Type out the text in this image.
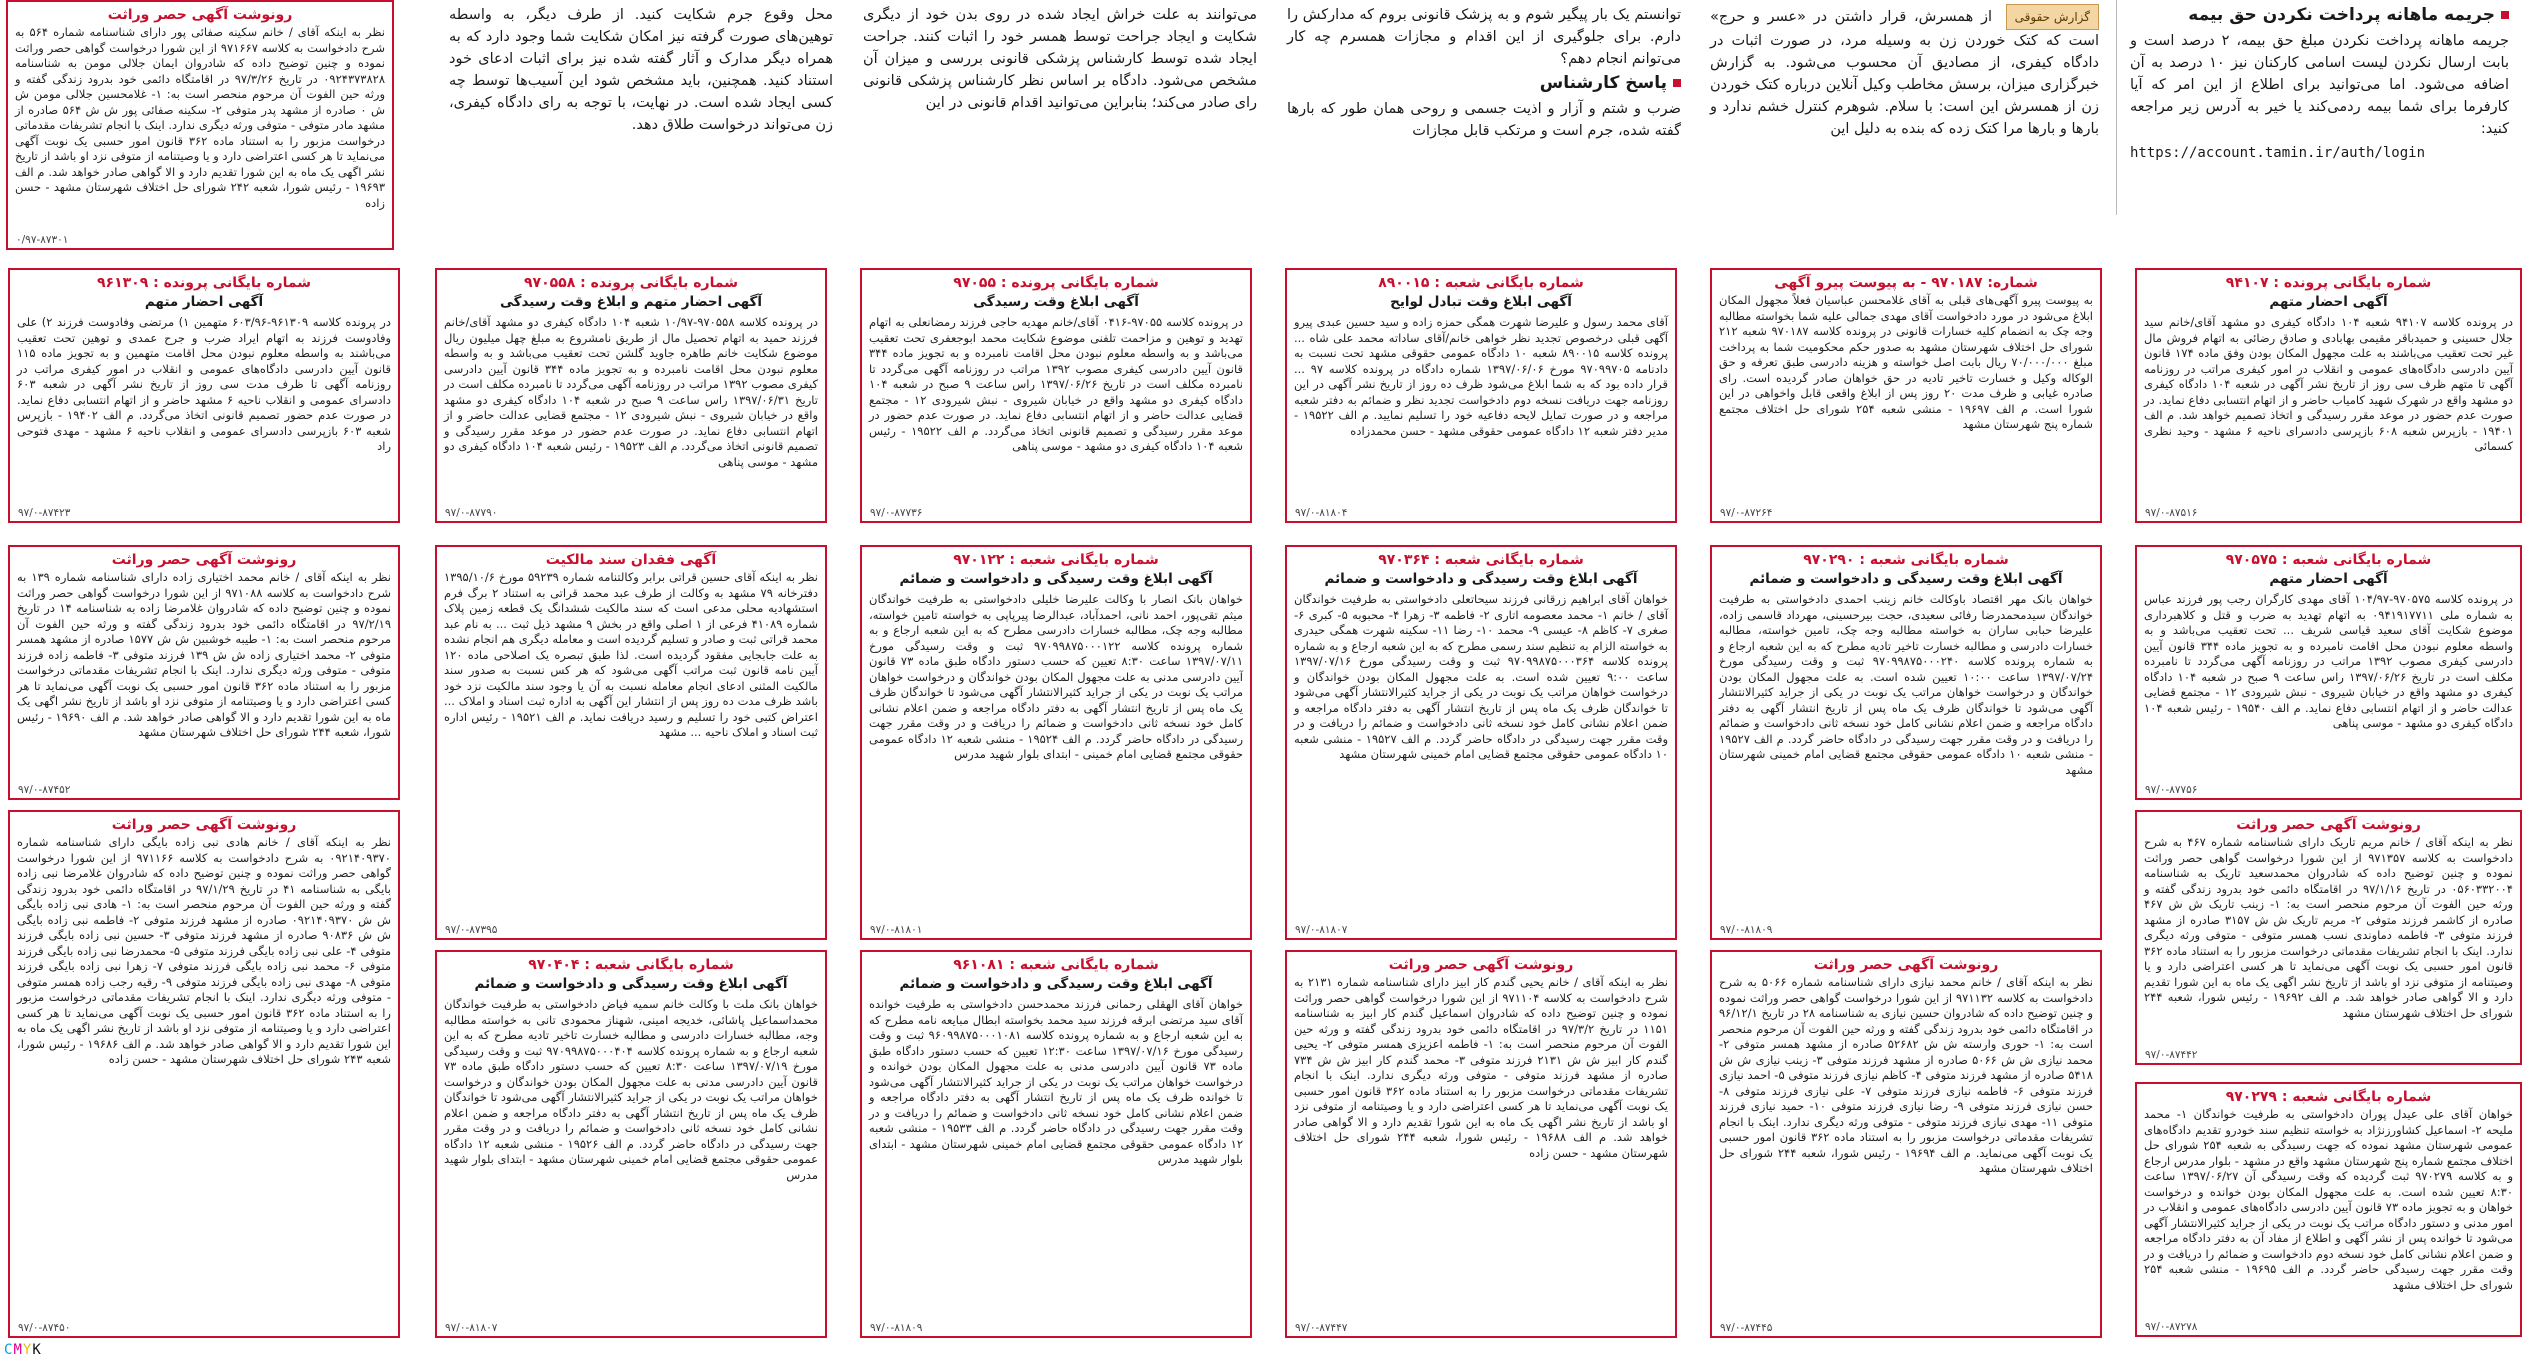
جریمه ماهانه پرداخت نکردن حق بیمه

جریمه ماهانه پرداخت نکردن مبلغ حق بیمه، ۲ درصد است و بابت ارسال نکردن لیست اسامی کارکنان نیز ۱۰ درصد به آن اضافه می‌شود. اما می‌توانید برای اطلاع از این امر که آیا کارفرما برای شما بیمه ردمی‌کند یا خیر به آدرس زیر مراجعه کنید:

https://account.tamin.ir/auth/login
گزارش حقوقی از همسرش، قرار داشتن در «عسر و حرج» است که کتک خوردن زن به وسیله مرد، در صورت اثبات در دادگاه کیفری، از مصادیق آن محسوب می‌شود. به گزارش خبرگزاری میزان، برسش مخاطب وکیل آنلاین درباره کتک خوردن زن از همسرش این است: با سلام. شوهرم کنترل خشم ندارد و بارها و بارها مرا کتک زده که بنده به دلیل این

توانستم یک بار پیگیر شوم و به پزشک قانونی بروم که مدارکش را دارم. برای جلوگیری از این اقدام و مجازات همسرم چه کار می‌توانم انجام دهم؟

پاسخ کارشناس

ضرب و شتم و آزار و اذیت جسمی و روحی همان طور که بارها گفته شده، جرم است و مرتکب قابل مجازات

می‌توانند به علت خراش ایجاد شده در روی بدن خود از دیگری شکایت و ایجاد جراحت توسط همسر خود را اثبات کنند. جراحت ایجاد شده توسط کارشناس پزشکی قانونی بررسی و میزان آن مشخص می‌شود. دادگاه بر اساس نظر کارشناس پزشکی قانونی رای صادر می‌کند؛ بنابراین می‌توانید اقدام قانونی در این

محل وقوع جرم شکایت کنید. از طرف دیگر، به واسطه توهین‌های صورت گرفته نیز امکان شکایت شما وجود دارد که به همراه دیگر مدارک و آثار گفته شده نیز برای اثبات ادعای خود استناد کنید. همچنین، باید مشخص شود این آسیب‌ها توسط چه کسی ایجاد شده است. در نهایت، با توجه به رای دادگاه کیفری، زن می‌تواند درخواست طلاق دهد.

رونوشت آگهی حصر وراثت
نظر به اینکه آقای / خانم سکینه صفائی پور دارای شناسنامه شماره ۵۶۴ به شرح دادخواست به کلاسه ۹۷۱۶۶۷ از این شورا درخواست گواهی حصر وراثت نموده و چنین توضیح داده که شادروان ایمان جلالی مومن به شناسنامه ۰۹۲۴۳۷۳۸۲۸ در تاریخ ۹۷/۳/۲۶ در اقامتگاه دائمی خود بدرود زندگی گفته و ورثه حین الفوت آن مرحوم منحصر است به: ۱- غلامحسین جلالی مومن ش ش ۰ صادره از مشهد پدر متوفی ۲- سکینه صفائی پور ش ش ۵۶۴ صادره از مشهد مادر متوفی - متوفی ورثه دیگری ندارد. اینک با انجام تشریفات مقدماتی درخواست مزبور را به استناد ماده ۳۶۲ قانون امور حسبی یک نوبت آگهی می‌نماید تا هر کسی اعتراضی دارد و یا وصیتنامه از متوفی نزد او باشد از تاریخ نشر اگهی یک ماه به این شورا تقدیم دارد و الا گواهی صادر خواهد شد. م الف ۱۹۶۹۳ - رئیس شورا، شعبه ۲۴۲ شورای حل اختلاف شهرستان مشهد - حسن زاده
۰/۹۷-۸۷۳۰۱
شماره بایگانی پرونده : ۹۴۱۰۷
آگهی احضار متهم
در پرونده کلاسه ۹۴۱۰۷ شعبه ۱۰۴ دادگاه کیفری دو مشهد آقای/خانم سید جلال حسینی و حمیدباقر مقیمی بهابادی و صادق رضائی به اتهام فروش مال غیر تحت تعقیب می‌باشند به علت مجهول المکان بودن وفق ماده ۱۷۴ قانون آیین دادرسی دادگاه‌های عمومی و انقلاب در امور کیفری مراتب در روزنامه آگهی تا متهم ظرف سی روز از تاریخ نشر آگهی در شعبه ۱۰۴ دادگاه کیفری دو مشهد واقع در شهرک شهید کامیاب حاضر و از اتهام انتسابی دفاع نماید. در صورت عدم حضور در موعد مقرر رسیدگی و اتخاذ تصمیم خواهد شد. م الف ۱۹۴۰۱ - بازپرس شعبه ۶۰۸ بازپرسی دادسرای ناحیه ۶ مشهد - وحید نظری کسمائی
۹۷/۰-۸۷۵۱۶
شماره بایگانی شعبه : ۹۷۰۵۷۵
آگهی احضار متهم
در پرونده کلاسه ۹۷۰۵۷۵-۱۰۴/۹۷ آقای مهدی کارگران رجب پور فرزند عباس به شماره ملی ۰۹۴۱۹۱۷۷۱۱ به اتهام تهدید به ضرب و قتل و کلاهبرداری موضوع شکایت آقای سعید قیاسی شریف ... تحت تعقیب می‌باشد و به واسطه معلوم نبودن محل اقامت نامبرده و به تجویز ماده ۳۴۴ قانون آیین دادرسی کیفری مصوب ۱۳۹۲ مراتب در روزنامه آگهی می‌گردد تا نامبرده مکلف است در تاریخ ۱۳۹۷/۰۶/۲۶ راس ساعت ۹ صبح در شعبه ۱۰۴ دادگاه کیفری دو مشهد واقع در خیابان شیروی - نبش شیرودی ۱۲ - مجتمع قضایی عدالت حاضر و از اتهام انتسابی دفاع نماید. م الف ۱۹۵۴۰ - رئیس شعبه ۱۰۴ دادگاه کیفری دو مشهد - موسی پناهی
۹۷/۰-۸۷۷۵۶
رونوشت آگهی حصر وراثت
نظر به اینکه آقای / خانم مریم تاریک دارای شناسنامه شماره ۴۶۷ به شرح دادخواست به کلاسه ۹۷۱۳۵۷ از این شورا درخواست گواهی حصر وراثت نموده و چنین توضیح داده که شادروان محمدسعید تاریک به شناسنامه ۰۵۶۰۳۳۲۰۰۴ در تاریخ ۹۷/۱/۱۶ در اقامتگاه دائمی خود بدرود زندگی گفته و ورثه حین الفوت آن مرحوم منحصر است به: ۱- زینب تاریک ش ش ۴۶۷ صادره از کاشمر فرزند متوفی ۲- مریم تاریک ش ش ۳۱۵۷ صادره از مشهد فرزند متوفی ۳- فاطمه دماوندی نسب همسر متوفی - متوفی ورثه دیگری ندارد. اینک با انجام تشریفات مقدماتی درخواست مزبور را به استناد ماده ۳۶۲ قانون امور حسبی یک نوبت آگهی می‌نماید تا هر کسی اعتراضی دارد و یا وصیتنامه از متوفی نزد او باشد از تاریخ نشر اگهی یک ماه به این شورا تقدیم دارد و الا گواهی صادر خواهد شد. م الف ۱۹۶۹۲ - رئیس شورا، شعبه ۲۴۴ شورای حل اختلاف شهرستان مشهد
۹۷/۰-۸۷۴۴۲
شماره بایگانی شعبه : ۹۷۰۲۷۹
خواهان آقای علی عیدل پوران دادخواستی به طرفیت خواندگان ۱- محمد ملیحه ۲- اسماعیل کشاورزنژاد به خواسته تنظیم سند خودرو تقدیم دادگاه‌های عمومی شهرستان مشهد نموده که جهت رسیدگی به شعبه ۲۵۴ شورای حل اختلاف مجتمع شماره پنج شهرستان مشهد واقع در مشهد - بلوار مدرس ارجاع و به کلاسه ۹۷۰۲۷۹ ثبت گردیده که وقت رسیدگی آن ۱۳۹۷/۰۶/۲۷ ساعت ۸:۳۰ تعیین شده است. به علت مجهول المکان بودن خوانده و درخواست خواهان و به تجویز ماده ۷۳ قانون آیین دادرسی دادگاه‌های عمومی و انقلاب در امور مدنی و دستور دادگاه مراتب یک نوبت در یکی از جراید کثیرالانتشار آگهی می‌شود تا خوانده پس از نشر آگهی و اطلاع از مفاد آن به دفتر دادگاه مراجعه و ضمن اعلام نشانی کامل خود نسخه دوم دادخواست و ضمائم را دریافت و در وقت مقرر جهت رسیدگی حاضر گردد. م الف ۱۹۶۹۵ - منشی شعبه ۲۵۴ شورای حل اختلاف مشهد
۹۷/۰-۸۷۲۷۸
شماره: ۹۷۰۱۸۷ - به پیوست پیرو آگهی
به پیوست پیرو آگهی‌های قبلی به آقای غلامحسن عباسیان فعلاً مجهول المکان ابلاغ می‌شود در مورد دادخواست آقای مهدی جمالی علیه شما بخواسته مطالبه وجه چک به انضمام کلیه خسارات قانونی در پرونده کلاسه ۹۷۰۱۸۷ شعبه ۲۱۲ شورای حل اختلاف شهرستان مشهد به صدور حکم محکومیت شما به پرداخت مبلغ ۷۰/۰۰۰/۰۰۰ ریال بابت اصل خواسته و هزینه دادرسی طبق تعرفه و حق الوکاله وکیل و خسارت تاخیر تادیه در حق خواهان صادر گردیده است. رای صادره غیابی و ظرف مدت ۲۰ روز پس از ابلاغ واقعی قابل واخواهی در این شورا است. م الف ۱۹۶۹۷ - منشی شعبه ۲۵۴ شورای حل اختلاف مجتمع شماره پنج شهرستان مشهد
۹۷/۰-۸۷۲۶۴
شماره بایگانی شعبه : ۹۷۰۲۹۰
آگهی ابلاغ وقت رسیدگی و دادخواست و ضمائم
خواهان بانک مهر اقتصاد باوکالت خانم زینب احمدی دادخواستی به طرفیت خواندگان سیدمحمدرضا رفائی سعیدی، حجت بیرحسینی، مهرداد قاسمی زاده، علیرضا حبابی ساران به خواسته مطالبه وجه چک، تامین خواسته، مطالبه خسارات دادرسی و مطالبه خسارت تاخیر تادیه مطرح که به این شعبه ارجاع و به شماره پرونده کلاسه ۹۷۰۹۹۸۷۵۰۰۰۲۴۰ ثبت و وقت رسیدگی مورخ ۱۳۹۷/۰۷/۲۴ ساعت ۱۰:۰۰ تعیین شده است. به علت مجهول المکان بودن خواندگان و درخواست خواهان مراتب یک نوبت در یکی از جراید کثیرالانتشار آگهی می‌شود تا خواندگان ظرف یک ماه پس از تاریخ انتشار آگهی به دفتر دادگاه مراجعه و ضمن اعلام نشانی کامل خود نسخه ثانی دادخواست و ضمائم را دریافت و در وقت مقرر جهت رسیدگی در دادگاه حاضر گردد. م الف ۱۹۵۲۷ - منشی شعبه ۱۰ دادگاه عمومی حقوقی مجتمع قضایی امام خمینی شهرستان مشهد
۹۷/۰-۸۱۸۰۹
رونوشت آگهی حصر وراثت
نظر به اینکه آقای / خانم محمد نیازی دارای شناسنامه شماره ۵۰۶۶ به شرح دادخواست به کلاسه ۹۷۱۱۳۲ از این شورا درخواست گواهی حصر وراثت نموده و چنین توضیح داده که شادروان حسین نیازی به شناسنامه ۲۸ در تاریخ ۹۶/۱۲/۱ در اقامتگاه دائمی خود بدرود زندگی گفته و ورثه حین الفوت آن مرحوم منحصر است به: ۱- حوری وارسته ش ش ۵۲۶۸۲ صادره از مشهد همسر متوفی ۲- محمد نیازی ش ش ۵۰۶۶ صادره از مشهد فرزند متوفی ۳- زینب نیازی ش ش ۵۴۱۸ صادره از مشهد فرزند متوفی ۴- کاظم نیازی فرزند متوفی ۵- احمد نیازی فرزند متوفی ۶- فاطمه نیازی فرزند متوفی ۷- علی نیازی فرزند متوفی ۸- حسن نیازی فرزند متوفی ۹- رضا نیازی فرزند متوفی ۱۰- حمید نیازی فرزند متوفی ۱۱- مهدی نیازی فرزند متوفی - متوفی ورثه دیگری ندارد. اینک با انجام تشریفات مقدماتی درخواست مزبور را به استناد ماده ۳۶۲ قانون امور حسبی یک نوبت آگهی می‌نماید. م الف ۱۹۶۹۴ - رئیس شورا، شعبه ۲۴۴ شورای حل اختلاف شهرستان مشهد
۹۷/۰-۸۷۴۴۵
شماره بایگانی شعبه : ۸۹۰۰۱۵
آگهی ابلاغ وقت تبادل لوایح
آقای محمد رسول و علیرضا شهرت همگی حمزه زاده و سید حسین عبدی پیرو آگهی قبلی درخصوص تجدید نظر خواهی خانم/آقای ساداته محمد علی شاه ... پرونده کلاسه ۸۹۰۰۱۵ شعبه ۱۰ دادگاه عمومی حقوقی مشهد تحت نسبت به دادنامه ۹۷۰۹۹۷۰۵ مورخ ۱۳۹۷/۰۶/۰۶ شماره دادگاه در پرونده کلاسه ۹۷ ... قرار داده بود که به شما ابلاغ می‌شود ظرف ده روز از تاریخ نشر آگهی در این روزنامه جهت دریافت نسخه دوم دادخواست تجدید نظر و ضمائم به دفتر شعبه مراجعه و در صورت تمایل لایحه دفاعیه خود را تسلیم نمایید. م الف ۱۹۵۲۲ - مدیر دفتر شعبه ۱۲ دادگاه عمومی حقوقی مشهد - حسن محمدزاده
۹۷/۰-۸۱۸۰۴
شماره بایگانی شعبه : ۹۷۰۳۶۴
آگهی ابلاغ وقت رسیدگی و دادخواست و ضمائم
خواهان آقای ابراهیم زرقانی فرزند سیحاتعلی دادخواستی به طرفیت خواندگان آقای / خانم ۱- محمد معصومه اتاری ۲- فاطمه ۳- زهرا ۴- محبوبه ۵- کبری ۶- صغری ۷- کاظم ۸- عیسی ۹- محمد ۱۰- رضا ۱۱- سکینه شهرت همگی حیدری به خواسته الزام به تنظیم سند رسمی مطرح که به این شعبه ارجاع و به شماره پرونده کلاسه ۹۷۰۹۹۸۷۵۰۰۰۳۶۴ ثبت و وقت رسیدگی مورخ ۱۳۹۷/۰۷/۱۶ ساعت ۹:۰۰ تعیین شده است. به علت مجهول المکان بودن خواندگان و درخواست خواهان مراتب یک نوبت در یکی از جراید کثیرالانتشار آگهی می‌شود تا خواندگان ظرف یک ماه پس از تاریخ انتشار آگهی به دفتر دادگاه مراجعه و ضمن اعلام نشانی کامل خود نسخه ثانی دادخواست و ضمائم را دریافت و در وقت مقرر جهت رسیدگی در دادگاه حاضر گردد. م الف ۱۹۵۲۷ - منشی شعبه ۱۰ دادگاه عمومی حقوقی مجتمع قضایی امام خمینی شهرستان مشهد
۹۷/۰-۸۱۸۰۷
رونوشت آگهی حصر وراثت
نظر به اینکه آقای / خانم یحیی گندم کار ابیز دارای شناسنامه شماره ۲۱۳۱ به شرح دادخواست به کلاسه ۹۷۱۱۰۴ از این شورا درخواست گواهی حصر وراثت نموده و چنین توضیح داده که شادروان اسماعیل گندم کار ابیز به شناسنامه ۱۱۵۱ در تاریخ ۹۷/۳/۲ در اقامتگاه دائمی خود بدرود زندگی گفته و ورثه حین الفوت آن مرحوم منحصر است به: ۱- فاطمه اعزیزی همسر متوفی ۲- یحیی گندم کار ابیز ش ش ۲۱۳۱ فرزند متوفی ۳- محمد گندم کار ابیز ش ش ۷۳۴ صادره از مشهد فرزند متوفی - متوفی ورثه دیگری ندارد. اینک با انجام تشریفات مقدماتی درخواست مزبور را به استناد ماده ۳۶۲ قانون امور حسبی یک نوبت آگهی می‌نماید تا هر کسی اعتراضی دارد و یا وصیتنامه از متوفی نزد او باشد از تاریخ نشر اگهی یک ماه به این شورا تقدیم دارد و الا گواهی صادر خواهد شد. م الف ۱۹۶۸۸ - رئیس شورا، شعبه ۲۴۴ شورای حل اختلاف شهرستان مشهد - حسن زاده
۹۷/۰-۸۷۴۴۷
شماره بایگانی پرونده : ۹۷۰۵۵
آگهی ابلاغ وقت رسیدگی
در پرونده کلاسه ۹۷۰۵۵-۰۴۱۶ آقای/خانم مهدیه حاجی فرزند رمضانعلی به اتهام تهدید و توهین و مزاحمت تلفنی موضوع شکایت محمد ابوجعفری تحت تعقیب می‌باشد و به واسطه معلوم نبودن محل اقامت نامبرده و به تجویز ماده ۳۴۴ قانون آیین دادرسی کیفری مصوب ۱۳۹۲ مراتب در روزنامه آگهی می‌گردد تا نامبرده مکلف است در تاریخ ۱۳۹۷/۰۶/۲۶ راس ساعت ۹ صبح در شعبه ۱۰۴ دادگاه کیفری دو مشهد واقع در خیابان شیروی - نبش شیرودی ۱۲ - مجتمع قضایی عدالت حاضر و از اتهام انتسابی دفاع نماید. در صورت عدم حضور در موعد مقرر رسیدگی و تصمیم قانونی اتخاذ می‌گردد. م الف ۱۹۵۲۲ - رئیس شعبه ۱۰۴ دادگاه کیفری دو مشهد - موسی پناهی
۹۷/۰-۸۷۷۳۶
شماره بایگانی شعبه : ۹۷۰۱۲۲
آگهی ابلاغ وقت رسیدگی و دادخواست و ضمائم
خواهان بانک انصار با وکالت علیرضا خلیلی دادخواستی به طرفیت خواندگان میثم تقی‌پور، احمد نانی، احمدآباد، عبدالرضا پیرپاپی به خواسته تامین خواسته، مطالبه وجه چک، مطالبه خسارات دادرسی مطرح که به این شعبه ارجاع و به شماره پرونده کلاسه ۹۷۰۹۹۸۷۵۰۰۰۱۲۲ ثبت و وقت رسیدگی مورخ ۱۳۹۷/۰۷/۱۱ ساعت ۸:۳۰ تعیین که حسب دستور دادگاه طبق ماده ۷۳ قانون آیین دادرسی مدنی به علت مجهول المکان بودن خواندگان و درخواست خواهان مراتب یک نوبت در یکی از جراید کثیرالانتشار آگهی می‌شود تا خواندگان ظرف یک ماه پس از تاریخ انتشار آگهی به دفتر دادگاه مراجعه و ضمن اعلام نشانی کامل خود نسخه ثانی دادخواست و ضمائم را دریافت و در وقت مقرر جهت رسیدگی در دادگاه حاضر گردد. م الف ۱۹۵۲۴ - منشی شعبه ۱۲ دادگاه عمومی حقوقی مجتمع قضایی امام خمینی - ابتدای بلوار شهید مدرس
۹۷/۰-۸۱۸۰۱
شماره بایگانی شعبه : ۹۶۱۰۸۱
آگهی ابلاغ وقت رسیدگی و دادخواست و ضمائم
خواهان آقای الهقلی رحمانی فرزند محمدحسن دادخواستی به طرفیت خوانده آقای سید مرتضی ابرقه فرزند سید محمد بخواسته ابطال مبایعه نامه مطرح که به این شعبه ارجاع و به شماره پرونده کلاسه ۹۶۰۹۹۸۷۵۰۰۰۱۰۸۱ ثبت و وقت رسیدگی مورخ ۱۳۹۷/۰۷/۱۶ ساعت ۱۲:۳۰ تعیین که حسب دستور دادگاه طبق ماده ۷۳ قانون آیین دادرسی مدنی به علت مجهول المکان بودن خوانده و درخواست خواهان مراتب یک نوبت در یکی از جراید کثیرالانتشار آگهی می‌شود تا خوانده ظرف یک ماه پس از تاریخ انتشار آگهی به دفتر دادگاه مراجعه و ضمن اعلام نشانی کامل خود نسخه ثانی دادخواست و ضمائم را دریافت و در وقت مقرر جهت رسیدگی در دادگاه حاضر گردد. م الف ۱۹۵۳۳ - منشی شعبه ۱۲ دادگاه عمومی حقوقی مجتمع قضایی امام خمینی شهرستان مشهد - ابتدای بلوار شهید مدرس
۹۷/۰-۸۱۸۰۹
شماره بایگانی پرونده : ۹۷۰۵۵۸
آگهی احضار متهم و ابلاغ وقت رسیدگی
در پرونده کلاسه ۹۷۰۵۵۸-۱۰/۹۷ شعبه ۱۰۴ دادگاه کیفری دو مشهد آقای/خانم فرزند حمید به اتهام تحصیل مال از طریق نامشروع به مبلغ چهل میلیون ریال موضوع شکایت خانم طاهره جاوید گلشن تحت تعقیب می‌باشد و به واسطه معلوم نبودن محل اقامت نامبرده و به تجویز ماده ۳۴۴ قانون آیین دادرسی کیفری مصوب ۱۳۹۲ مراتب در روزنامه آگهی می‌گردد تا نامبرده مکلف است در تاریخ ۱۳۹۷/۰۶/۳۱ راس ساعت ۹ صبح در شعبه ۱۰۴ دادگاه کیفری دو مشهد واقع در خیابان شیروی - نبش شیرودی ۱۲ - مجتمع قضایی عدالت حاضر و از اتهام انتسابی دفاع نماید. در صورت عدم حضور در موعد مقرر رسیدگی و تصمیم قانونی اتخاذ می‌گردد. م الف ۱۹۵۲۳ - رئیس شعبه ۱۰۴ دادگاه کیفری دو مشهد - موسی پناهی
۹۷/۰-۸۷۷۹۰
آگهی فقدان سند مالکیت
نظر به اینکه آقای حسین قراتی برابر وکالتنامه شماره ۵۹۲۳۹ مورخ ۱۳۹۵/۱۰/۶ دفترخانه ۷۹ مشهد به وکالت از طرف عبد محمد قراتی به استناد ۲ برگ فرم استشهادیه محلی مدعی است که سند مالکیت ششدانگ یک قطعه زمین پلاک شماره ۴۱۰۸۹ فرعی از ۱ اصلی واقع در بخش ۹ مشهد ذیل ثبت ... به نام عبد محمد قراتی ثبت و صادر و تسلیم گردیده است و معامله دیگری هم انجام نشده به علت جابجایی مفقود گردیده است. لذا طبق تبصره یک اصلاحی ماده ۱۲۰ آیین نامه قانون ثبت مراتب آگهی می‌شود که هر کس نسبت به صدور سند مالکیت المثنی ادعای انجام معامله نسبت به آن یا وجود سند مالکیت نزد خود باشد ظرف مدت ده روز پس از انتشار این آگهی به اداره ثبت اسناد و املاک ... اعتراض کتبی خود را تسلیم و رسید دریافت نماید. م الف ۱۹۵۲۱ - رئیس اداره ثبت اسناد و املاک ناحیه ... مشهد
۹۷/۰-۸۷۳۹۵
شماره بایگانی شعبه : ۹۷۰۴۰۴
آگهی ابلاغ وقت رسیدگی و دادخواست و ضمائم
خواهان بانک ملت با وکالت خانم سمیه فیاض دادخواستی به طرفیت خواندگان محمداسماعیل پاشائی، خدیجه امینی، شهناز محمودی تانی به خواسته مطالبه وجه، مطالبه خسارات دادرسی و مطالبه خسارت تاخیر تادیه مطرح که به این شعبه ارجاع و به شماره پرونده کلاسه ۹۷۰۹۹۸۷۵۰۰۰۴۰۴ ثبت و وقت رسیدگی مورخ ۱۳۹۷/۰۷/۱۹ ساعت ۸:۳۰ تعیین که حسب دستور دادگاه طبق ماده ۷۳ قانون آیین دادرسی مدنی به علت مجهول المکان بودن خواندگان و درخواست خواهان مراتب یک نوبت در یکی از جراید کثیرالانتشار آگهی می‌شود تا خواندگان ظرف یک ماه پس از تاریخ انتشار آگهی به دفتر دادگاه مراجعه و ضمن اعلام نشانی کامل خود نسخه ثانی دادخواست و ضمائم را دریافت و در وقت مقرر جهت رسیدگی در دادگاه حاضر گردد. م الف ۱۹۵۲۶ - منشی شعبه ۱۲ دادگاه عمومی حقوقی مجتمع قضایی امام خمینی شهرستان مشهد - ابتدای بلوار شهید مدرس
۹۷/۰-۸۱۸۰۷
شماره بایگانی پرونده : ۹۶۱۳۰۹
آگهی احضار متهم
در پرونده کلاسه ۹۶۱۳۰۹-۶۰۳/۹۶ متهمین ۱) مرتضی وفادوست فرزند ۲) علی وفادوست فرزند به اتهام ایراد ضرب و جرح عمدی و توهین تحت تعقیب می‌باشند به واسطه معلوم نبودن محل اقامت متهمین و به تجویز ماده ۱۱۵ قانون آیین دادرسی دادگاه‌های عمومی و انقلاب در امور کیفری مراتب در روزنامه آگهی تا ظرف مدت سی روز از تاریخ نشر آگهی در شعبه ۶۰۳ دادسرای عمومی و انقلاب ناحیه ۶ مشهد حاضر و از اتهام انتسابی دفاع نماید. در صورت عدم حضور تصمیم قانونی اتخاذ می‌گردد. م الف ۱۹۴۰۲ - بازپرس شعبه ۶۰۳ بازپرسی دادسرای عمومی و انقلاب ناحیه ۶ مشهد - مهدی فتوحی راد
۹۷/۰-۸۷۴۲۳
رونوشت آگهی حصر وراثت
نظر به اینکه آقای / خانم محمد اختیاری زاده دارای شناسنامه شماره ۱۳۹ به شرح دادخواست به کلاسه ۹۷۱۰۸۸ از این شورا درخواست گواهی حصر وراثت نموده و چنین توضیح داده که شادروان غلامرضا زاده به شناسنامه ۱۴ در تاریخ ۹۷/۲/۱۹ در اقامتگاه دائمی خود بدرود زندگی گفته و ورثه حین الفوت آن مرحوم منحصر است به: ۱- طیبه خوشبین ش ش ۱۵۷۷ صادره از مشهد همسر متوفی ۲- محمد اختیاری زاده ش ش ۱۳۹ فرزند متوفی ۳- فاطمه زاده فرزند متوفی - متوفی ورثه دیگری ندارد. اینک با انجام تشریفات مقدماتی درخواست مزبور را به استناد ماده ۳۶۲ قانون امور حسبی یک نوبت آگهی می‌نماید تا هر کسی اعتراضی دارد و یا وصیتنامه از متوفی نزد او باشد از تاریخ نشر اگهی یک ماه به این شورا تقدیم دارد و الا گواهی صادر خواهد شد. م الف ۱۹۶۹۰ - رئیس شورا، شعبه ۲۴۴ شورای حل اختلاف شهرستان مشهد
۹۷/۰-۸۷۴۵۲
رونوشت آگهی حصر وراثت
نظر به اینکه آقای / خانم هادی نبی زاده بایگی دارای شناسنامه شماره ۰۹۲۱۴۰۹۳۷۰ به شرح دادخواست به کلاسه ۹۷۱۱۶۶ از این شورا درخواست گواهی حصر وراثت نموده و چنین توضیح داده که شادروان غلامرضا نبی زاده بایگی به شناسنامه ۴۱ در تاریخ ۹۷/۱/۲۹ در اقامتگاه دائمی خود بدرود زندگی گفته و ورثه حین الفوت آن مرحوم منحصر است به: ۱- هادی نبی زاده بایگی ش ش ۰۹۲۱۴۰۹۳۷۰ صادره از مشهد فرزند متوفی ۲- فاطمه نبی زاده بایگی ش ش ۹۰۸۳۶ صادره از مشهد فرزند متوفی ۳- حسین نبی زاده بایگی فرزند متوفی ۴- علی نبی زاده بایگی فرزند متوفی ۵- محمدرضا نبی زاده بایگی فرزند متوفی ۶- محمد نبی زاده بایگی فرزند متوفی ۷- زهرا نبی زاده بایگی فرزند متوفی ۸- مهدی نبی زاده بایگی فرزند متوفی ۹- رقیه رجب زاده همسر متوفی - متوفی ورثه دیگری ندارد. اینک با انجام تشریفات مقدماتی درخواست مزبور را به استناد ماده ۳۶۲ قانون امور حسبی یک نوبت آگهی می‌نماید تا هر کسی اعتراضی دارد و یا وصیتنامه از متوفی نزد او باشد از تاریخ نشر اگهی یک ماه به این شورا تقدیم دارد و الا گواهی صادر خواهد شد. م الف ۱۹۶۸۶ - رئیس شورا، شعبه ۲۴۳ شورای حل اختلاف شهرستان مشهد - حسن زاده
۹۷/۰-۸۷۴۵۰
CMYK
